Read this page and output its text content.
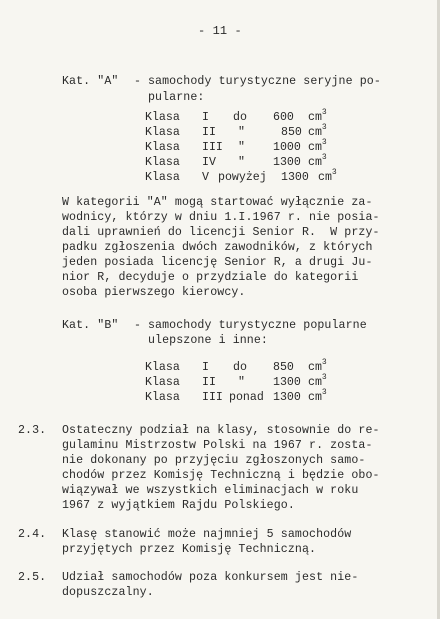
- 11 -
Kat. "A" - samochody turystyczne seryjne po-
pularne:

Klasa

I

do

600

$cm^3$

Klasa

II

"

	850

$cm^3$

Klasa

III

"

1000

$cm^3$

Klasa

IV

"

1300

$cm^3$

Klasa

V

powyżej

1300

$cm^3$

W kategorii "A" mogą startować wyłącznie za-
wodnicy, którzy w dniu 1.I.1967 r. nie posia-
dali uprawnień do licencji Senior R.  W przy-
padku zgłoszenia dwóch zawodników, z których
jeden posiada licencję Senior R, a drugi Ju-
nior R, decyduje o przydziale do kategorii
osoba pierwszego kierowcy.
Kat. "B" - samochody turystyczne popularne
ulepszone i inne:

Klasa

I

do

850

$cm^3$

Klasa

II

"

1300

$cm^3$

Klasa

III

ponad

1300

$cm^3$

2.3. Ostateczny podział na klasy, stosownie do re-
gulaminu Mistrzostw Polski na 1967 r. zosta-
nie dokonany po przyjęciu zgłoszonych samo-
chodów przez Komisję Techniczną i będzie obo-
wiązywał we wszystkich eliminacjach w roku
1967 z wyjątkiem Rajdu Polskiego.
2.4. Klasę stanowić może najmniej 5 samochodów
przyjętych przez Komisję Techniczną.
2.5. Udział samochodów poza konkursem jest nie-
dopuszczalny.
